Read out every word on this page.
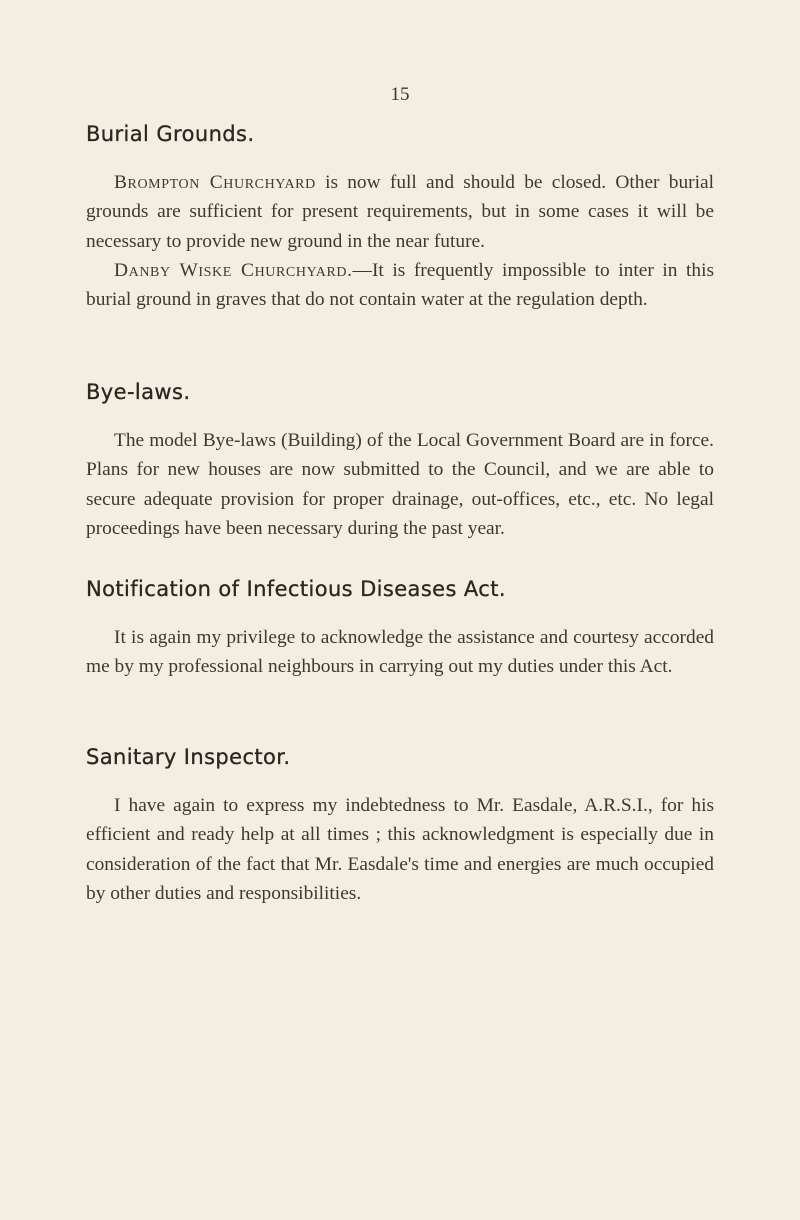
15
Burial Grounds.

Brompton Churchyard is now full and should be closed. Other burial grounds are sufficient for present requirements, but in some cases it will be necessary to provide new ground in the near future.

Danby Wiske Churchyard.—It is frequently impossible to inter in this burial ground in graves that do not contain water at the regulation depth.

Bye-laws.

The model Bye-laws (Building) of the Local Government Board are in force. Plans for new houses are now submitted to the Council, and we are able to secure adequate provision for proper drainage, out-offices, etc., etc. No legal proceedings have been necessary during the past year.

Notification of Infectious Diseases Act.

It is again my privilege to acknowledge the assistance and courtesy accorded me by my professional neighbours in carrying out my duties under this Act.

Sanitary Inspector.

I have again to express my indebtedness to Mr. Easdale, A.R.S.I., for his efficient and ready help at all times ; this acknowledgment is especially due in consideration of the fact that Mr. Easdale's time and energies are much occupied by other duties and responsibilities.
